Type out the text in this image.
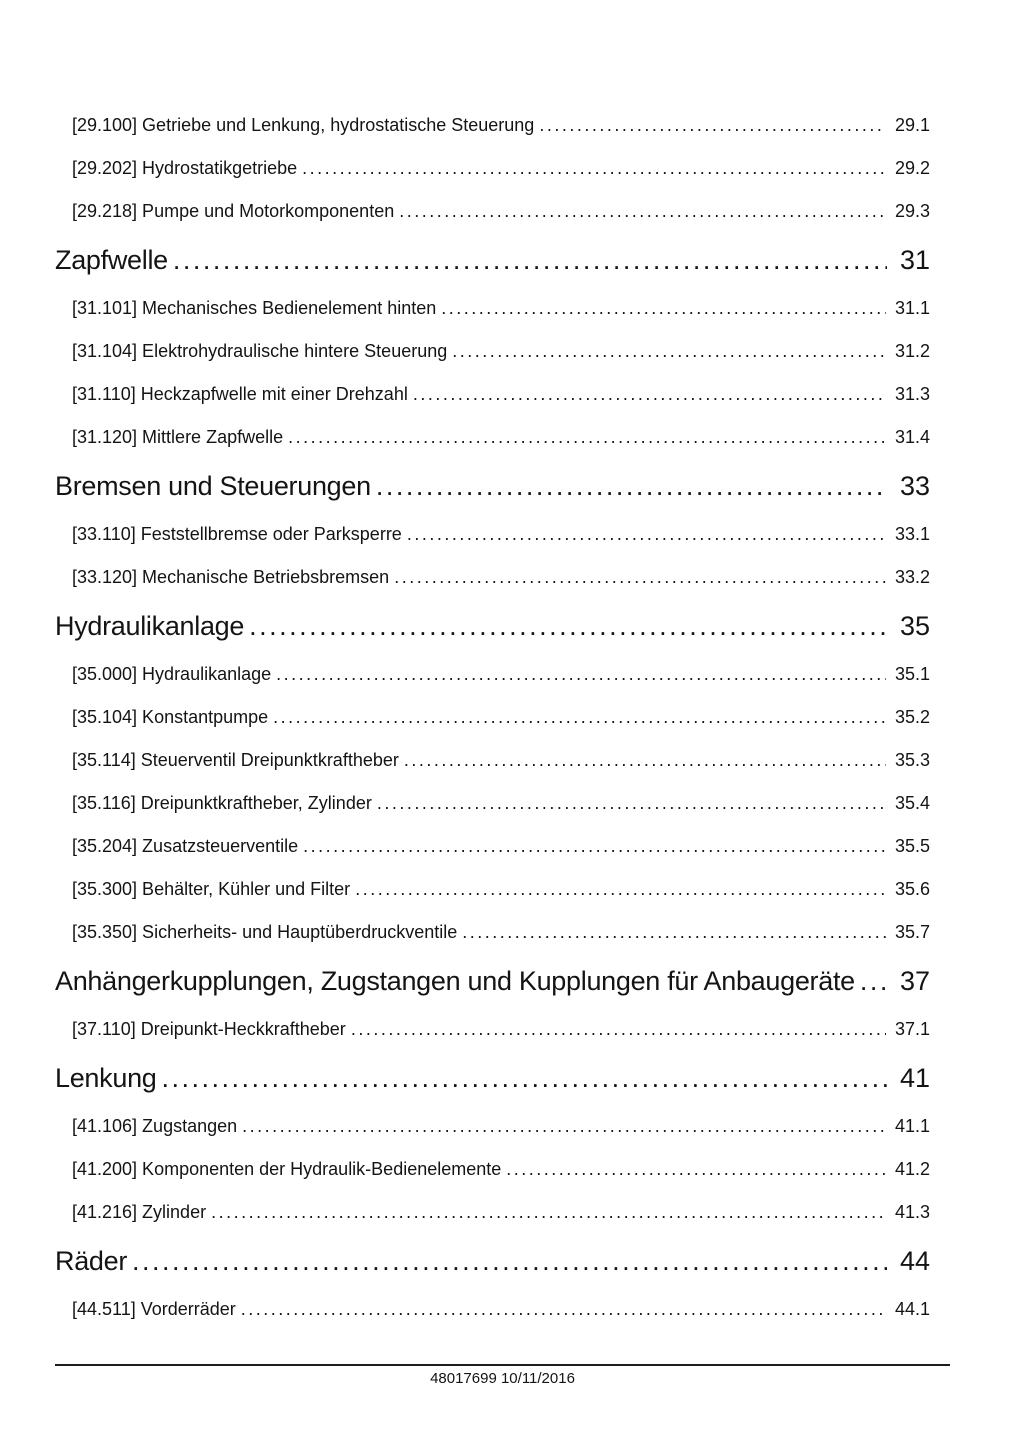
[29.100] Getriebe und Lenkung, hydrostatische Steuerung .....	29.1
[29.202] Hydrostatikgetriebe .....	29.2
[29.218] Pumpe und Motorkomponenten .....	29.3
Zapfwelle .....	31
[31.101] Mechanisches Bedienelement hinten .....	31.1
[31.104] Elektrohydraulische hintere Steuerung .....	31.2
[31.110] Heckzapfwelle mit einer Drehzahl .....	31.3
[31.120] Mittlere Zapfwelle .....	31.4
Bremsen und Steuerungen .....	33
[33.110] Feststellbremse oder Parksperre .....	33.1
[33.120] Mechanische Betriebsbremsen .....	33.2
Hydraulikanlage .....	35
[35.000] Hydraulikanlage .....	35.1
[35.104] Konstantpumpe .....	35.2
[35.114] Steuerventil Dreipunktkraftheber .....	35.3
[35.116] Dreipunktkraftheber, Zylinder .....	35.4
[35.204] Zusatzsteuerventile .....	35.5
[35.300] Behälter, Kühler und Filter .....	35.6
[35.350] Sicherheits- und Hauptüberdruckventile .....	35.7
Anhängerkupplungen, Zugstangen und Kupplungen für Anbaugeräte ..... 37
[37.110] Dreipunkt-Heckkraftheber .....	37.1
Lenkung .....	41
[41.106] Zugstangen .....	41.1
[41.200] Komponenten der Hydraulik-Bedienelemente .....	41.2
[41.216] Zylinder .....	41.3
Räder .....	44
[44.511] Vorderräder .....	44.1
48017699 10/11/2016
